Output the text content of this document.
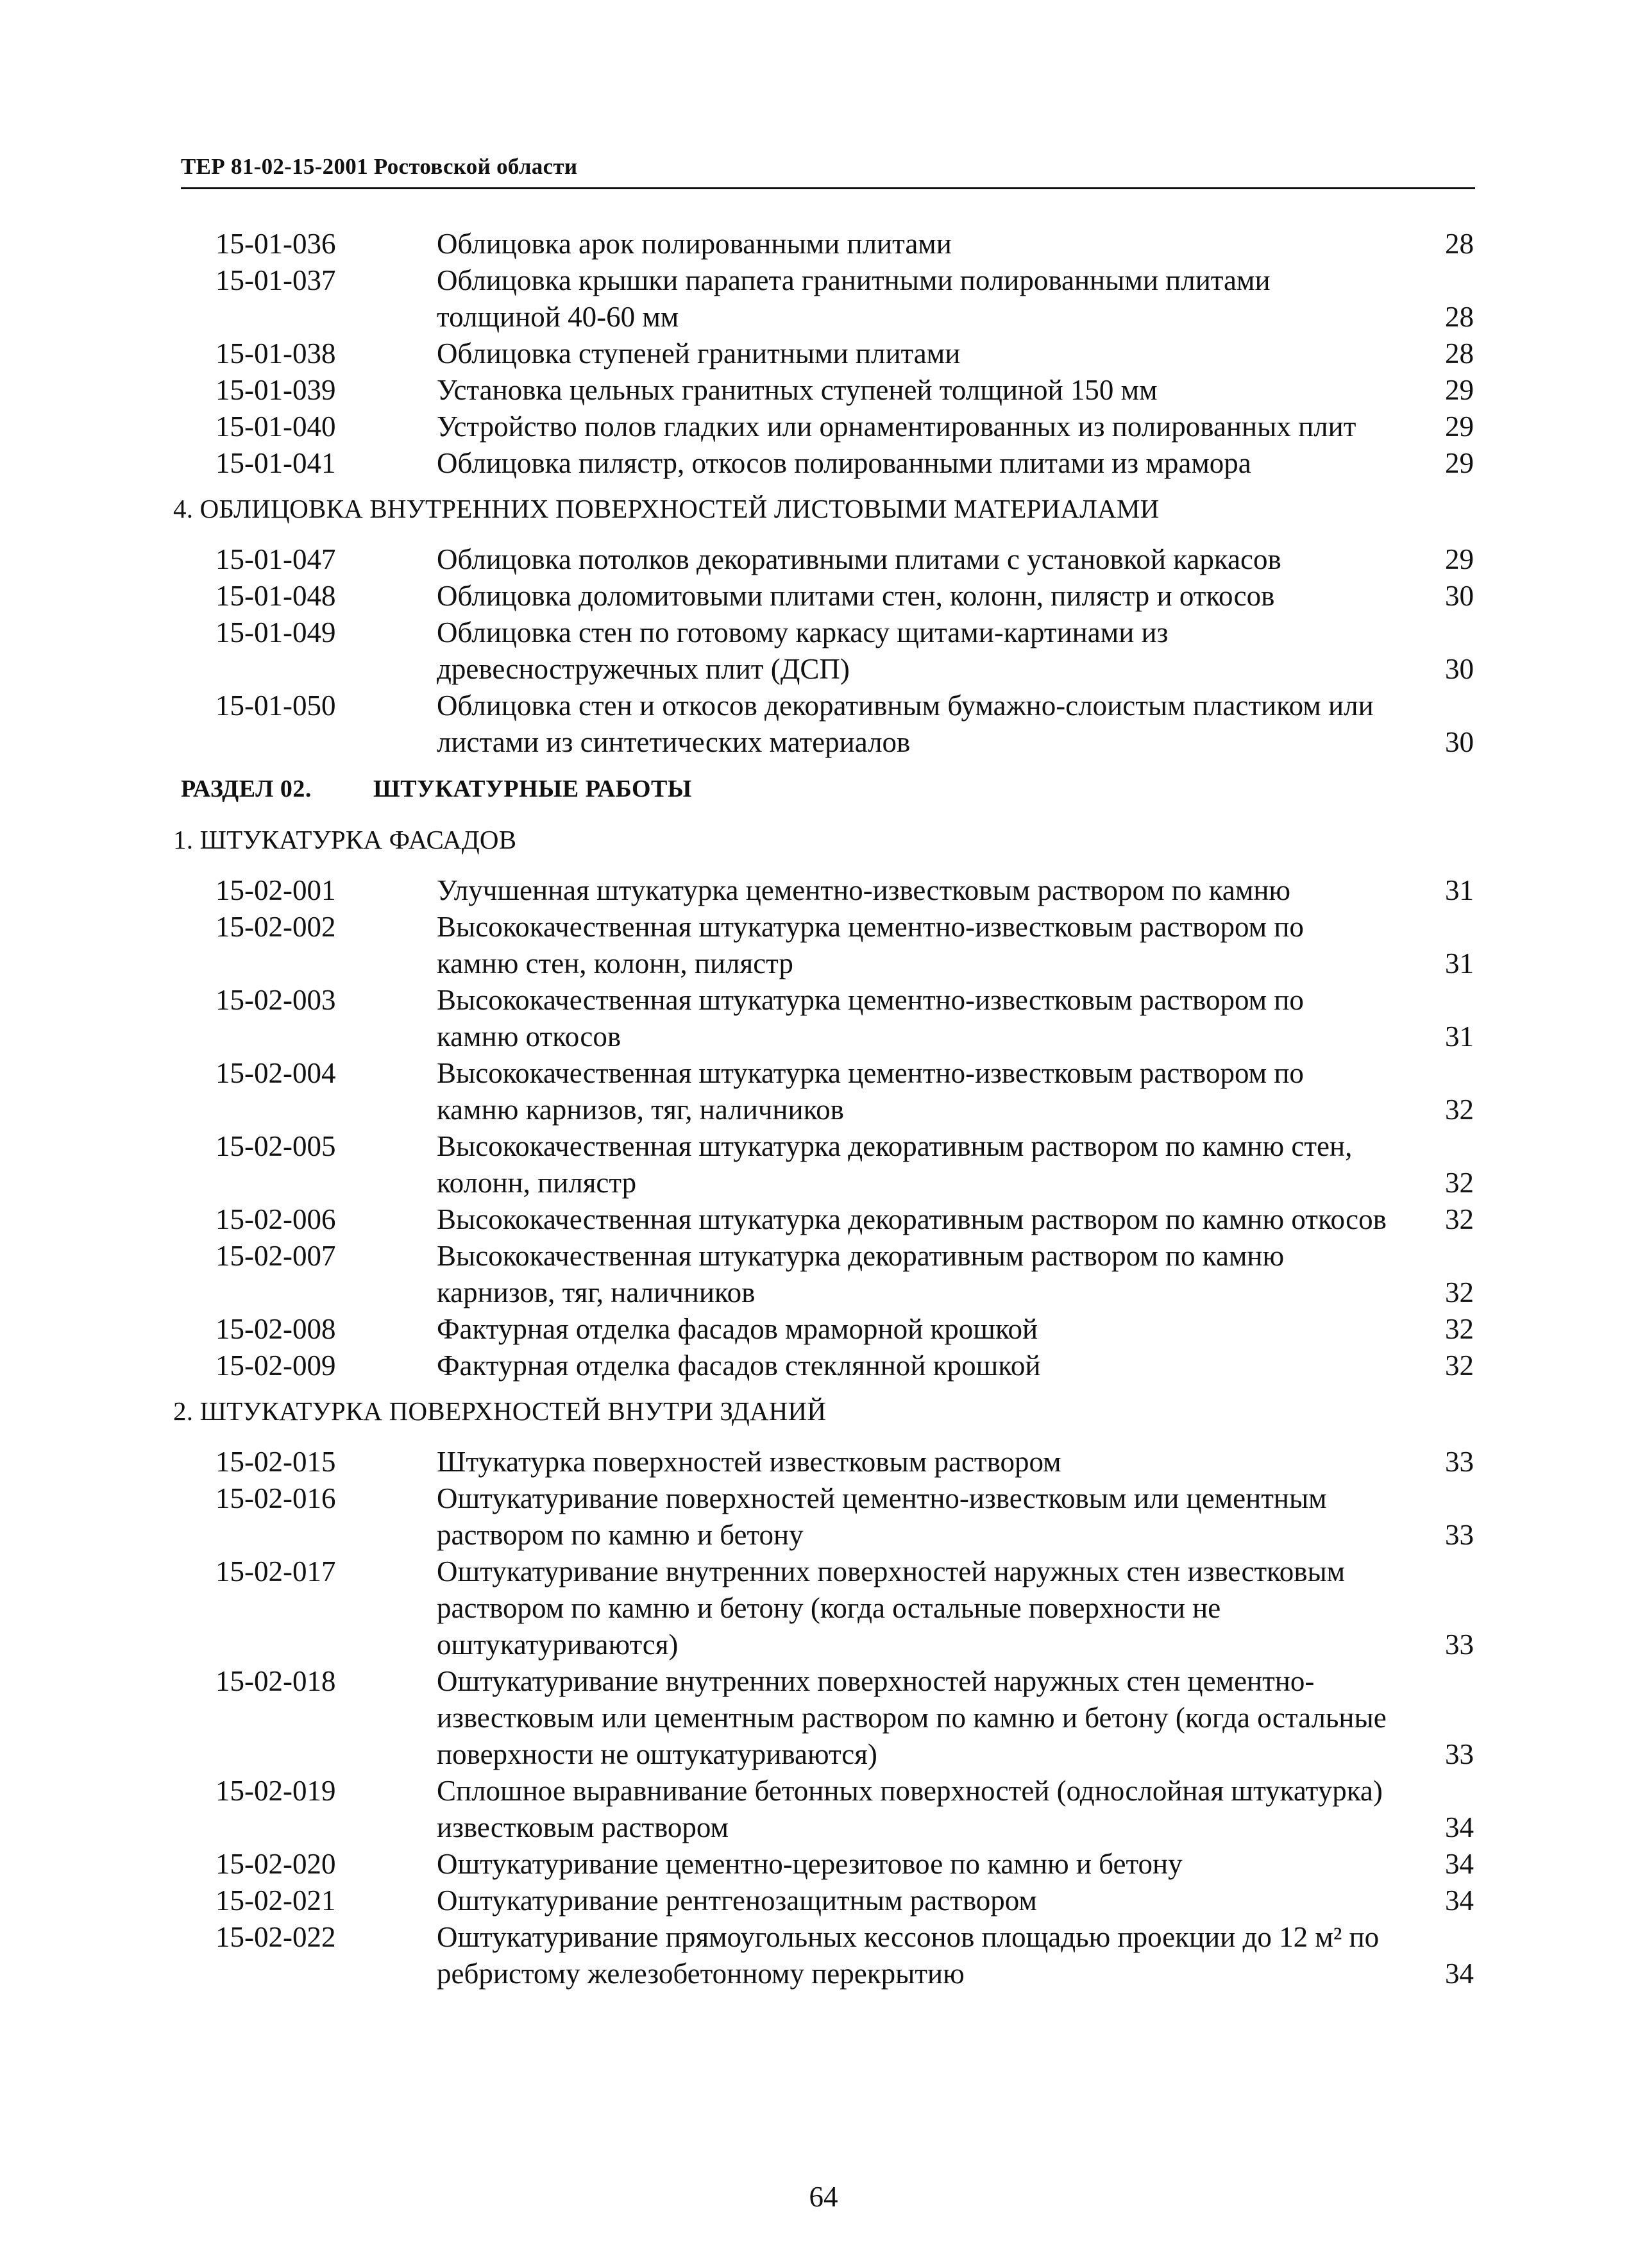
ТЕР 81-02-15-2001 Ростовской области
15-01-036	Облицовка арок полированными плитами	28
15-01-037	Облицовка крышки парапета гранитными полированными плитами толщиной 40-60 мм	28
15-01-038	Облицовка ступеней гранитными плитами	28
15-01-039	Установка цельных гранитных ступеней толщиной 150 мм	29
15-01-040	Устройство полов гладких или орнаментированных из полированных плит	29
15-01-041	Облицовка пилястр, откосов полированными плитами из мрамора	29
4. ОБЛИЦОВКА ВНУТРЕННИХ ПОВЕРХНОСТЕЙ ЛИСТОВЫМИ МАТЕРИАЛАМИ
15-01-047	Облицовка потолков декоративными плитами с установкой каркасов	29
15-01-048	Облицовка доломитовыми плитами стен, колонн, пилястр и откосов	30
15-01-049	Облицовка стен по готовому каркасу щитами-картинами из древесностружечных плит (ДСП)	30
15-01-050	Облицовка стен и откосов декоративным бумажно-слоистым пластиком или листами из синтетических материалов	30
РАЗДЕЛ 02.	ШТУКАТУРНЫЕ РАБОТЫ
1. ШТУКАТУРКА ФАСАДОВ
15-02-001	Улучшенная штукатурка цементно-известковым раствором по камню	31
15-02-002	Высококачественная штукатурка цементно-известковым раствором по камню стен, колонн, пилястр	31
15-02-003	Высококачественная штукатурка цементно-известковым раствором по камню откосов	31
15-02-004	Высококачественная штукатурка цементно-известковым раствором по камню карнизов, тяг, наличников	32
15-02-005	Высококачественная штукатурка декоративным раствором по камню стен, колонн, пилястр	32
15-02-006	Высококачественная штукатурка декоративным раствором по камню откосов	32
15-02-007	Высококачественная штукатурка декоративным раствором по камню карнизов, тяг, наличников	32
15-02-008	Фактурная отделка фасадов мраморной крошкой	32
15-02-009	Фактурная отделка фасадов стеклянной крошкой	32
2. ШТУКАТУРКА ПОВЕРХНОСТЕЙ ВНУТРИ ЗДАНИЙ
15-02-015	Штукатурка поверхностей известковым раствором	33
15-02-016	Оштукатуривание поверхностей цементно-известковым или цементным раствором по камню и бетону	33
15-02-017	Оштукатуривание внутренних поверхностей наружных стен известковым раствором по камню и бетону (когда остальные поверхности не оштукатуриваются)	33
15-02-018	Оштукатуривание внутренних поверхностей наружных стен цементно-известковым или цементным раствором по камню и бетону (когда остальные поверхности не оштукатуриваются)	33
15-02-019	Сплошное выравнивание бетонных поверхностей (однослойная штукатурка) известковым раствором	34
15-02-020	Оштукатуривание цементно-церезитовое по камню и бетону	34
15-02-021	Оштукатуривание рентгенозащитным раствором	34
15-02-022	Оштукатуривание прямоугольных кессонов площадью проекции до 12 м² по ребристому железобетонному перекрытию	34
64
